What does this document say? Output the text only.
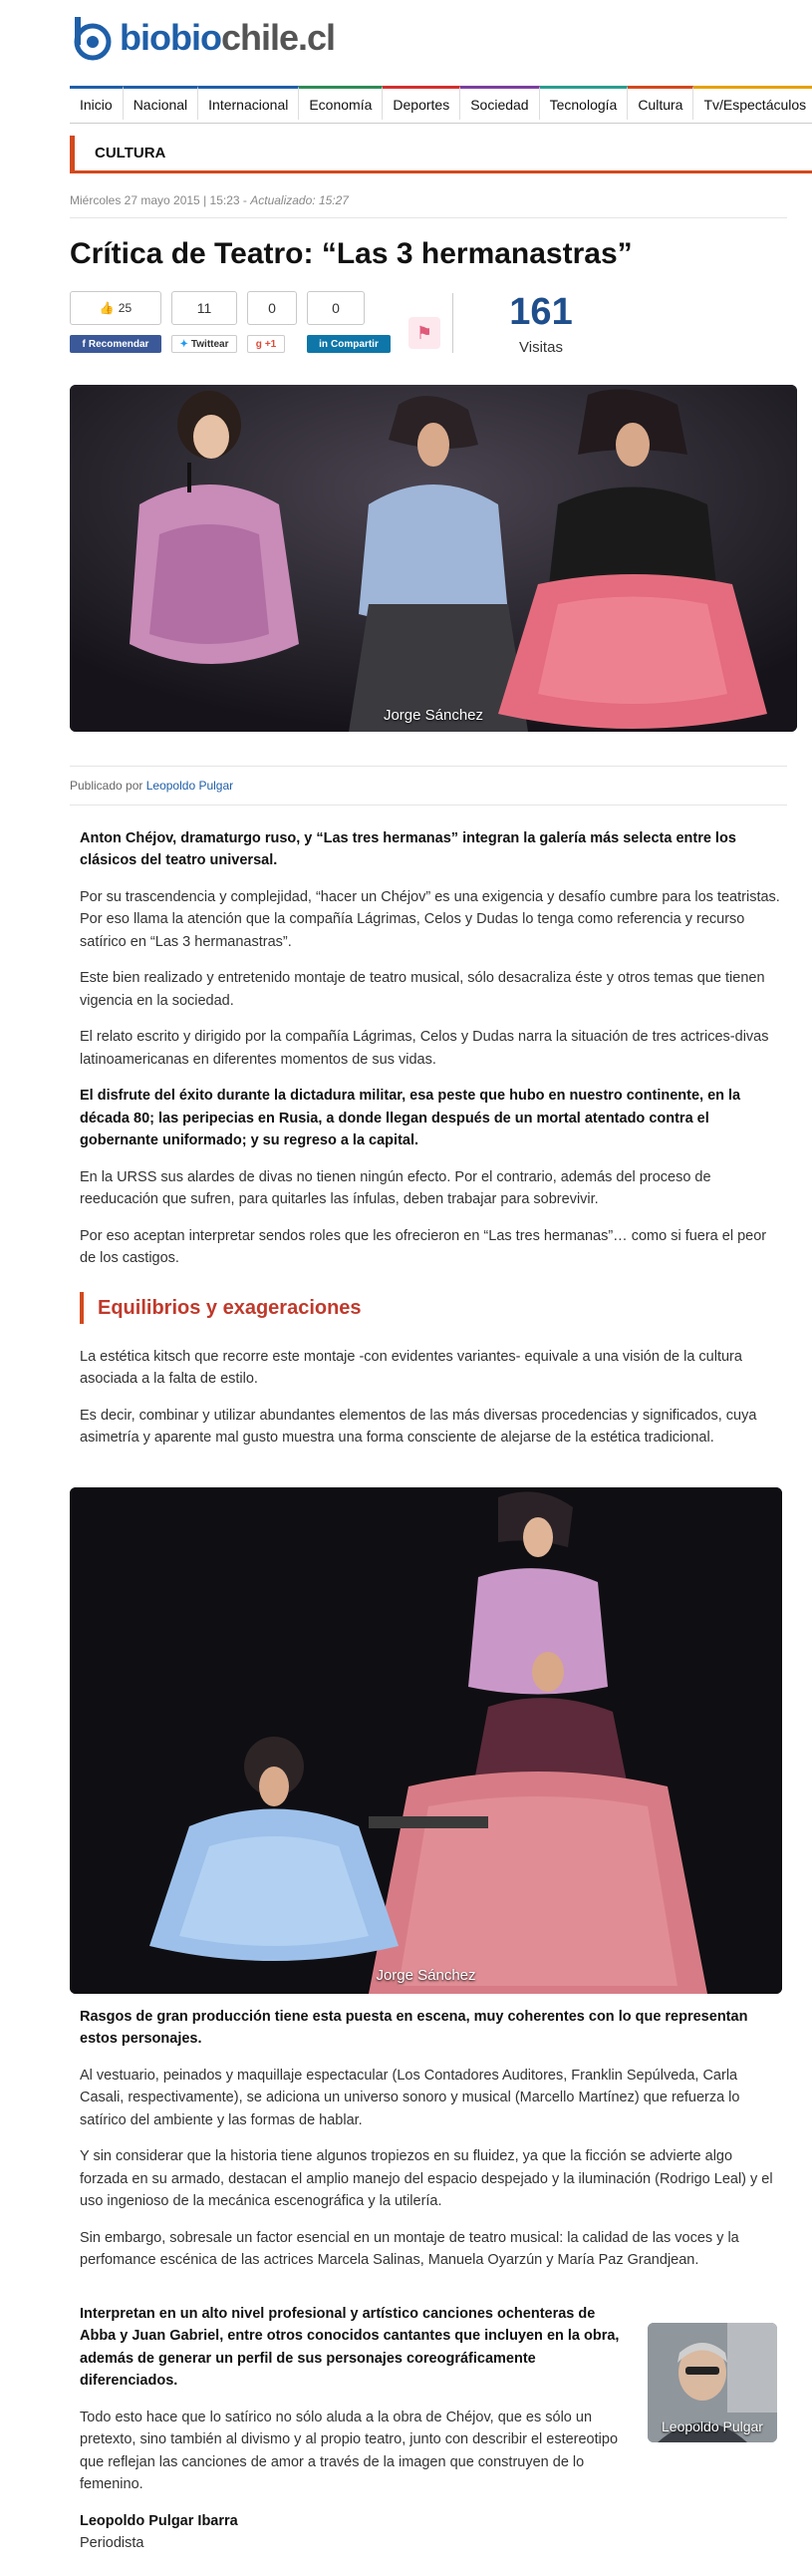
biobiochile.cl
Inicio Nacional Internacional Economía Deportes Sociedad Tecnología Cultura Tv/Espectáculos
CULTURA
Miércoles 27 mayo 2015 | 15:23 - Actualizado: 15:27
Crítica de Teatro: “Las 3 hermanastras”
👍 25
f Recomendar
11
✦ Twittear
0
g +1
0
in Compartir
⚑	161
Visitas
Jorge Sánchez
Publicado por Leopoldo Pulgar

Anton Chéjov, dramaturgo ruso, y “Las tres hermanas” integran la galería más selecta entre los clásicos del teatro universal.

Por su trascendencia y complejidad, “hacer un Chéjov” es una exigencia y desafío cumbre para los teatristas. Por eso llama la atención que la compañía Lágrimas, Celos y Dudas lo tenga como referencia y recurso satírico en “Las 3 hermanastras”.

Este bien realizado y entretenido montaje de teatro musical, sólo desacraliza éste y otros temas que tienen vigencia en la sociedad.

El relato escrito y dirigido por la compañía Lágrimas, Celos y Dudas narra la situación de tres actrices-divas latinoamericanas en diferentes momentos de sus vidas.

El disfrute del éxito durante la dictadura militar, esa peste que hubo en nuestro continente, en la década 80; las peripecias en Rusia, a donde llegan después de un mortal atentado contra el gobernante uniformado; y su regreso a la capital.

En la URSS sus alardes de divas no tienen ningún efecto. Por el contrario, además del proceso de reeducación que sufren, para quitarles las ínfulas, deben trabajar para sobrevivir.

Por eso aceptan interpretar sendos roles que les ofrecieron en “Las tres hermanas”… como si fuera el peor de los castigos.

Equilibrios y exageraciones

La estética kitsch que recorre este montaje -con evidentes variantes- equivale a una visión de la cultura asociada a la falta de estilo.

Es decir, combinar y utilizar abundantes elementos de las más diversas procedencias y significados, cuya asimetría y aparente mal gusto muestra una forma consciente de alejarse de la estética tradicional.

Jorge Sánchez

Rasgos de gran producción tiene esta puesta en escena, muy coherentes con lo que representan estos personajes.

Al vestuario, peinados y maquillaje espectacular (Los Contadores Auditores, Franklin Sepúlveda, Carla Casali, respectivamente), se adiciona un universo sonoro y musical (Marcello Martínez) que refuerza lo satírico del ambiente y las formas de hablar.

Y sin considerar que la historia tiene algunos tropiezos en su fluidez, ya que la ficción se advierte algo forzada en su armado, destacan el amplio manejo del espacio despejado y la iluminación (Rodrigo Leal) y el uso ingenioso de la mecánica escenográfica y la utilería.

Sin embargo, sobresale un factor esencial en un montaje de teatro musical: la calidad de las voces y la perfomance escénica de las actrices Marcela Salinas, Manuela Oyarzún y María Paz Grandjean.

Interpretan en un alto nivel profesional y artístico canciones ochenteras de Abba y Juan Gabriel, entre otros conocidos cantantes que incluyen en la obra, además de generar un perfil de sus personajes coreográficamente diferenciados.

Todo esto hace que lo satírico no sólo aluda a la obra de Chéjov, que es sólo un pretexto, sino también al divismo y al propio teatro, junto con describir el estereotipo que reflejan las canciones de amor a través de la imagen que construyen de lo femenino.

Leopoldo Pulgar

Leopoldo Pulgar Ibarra

Periodista
